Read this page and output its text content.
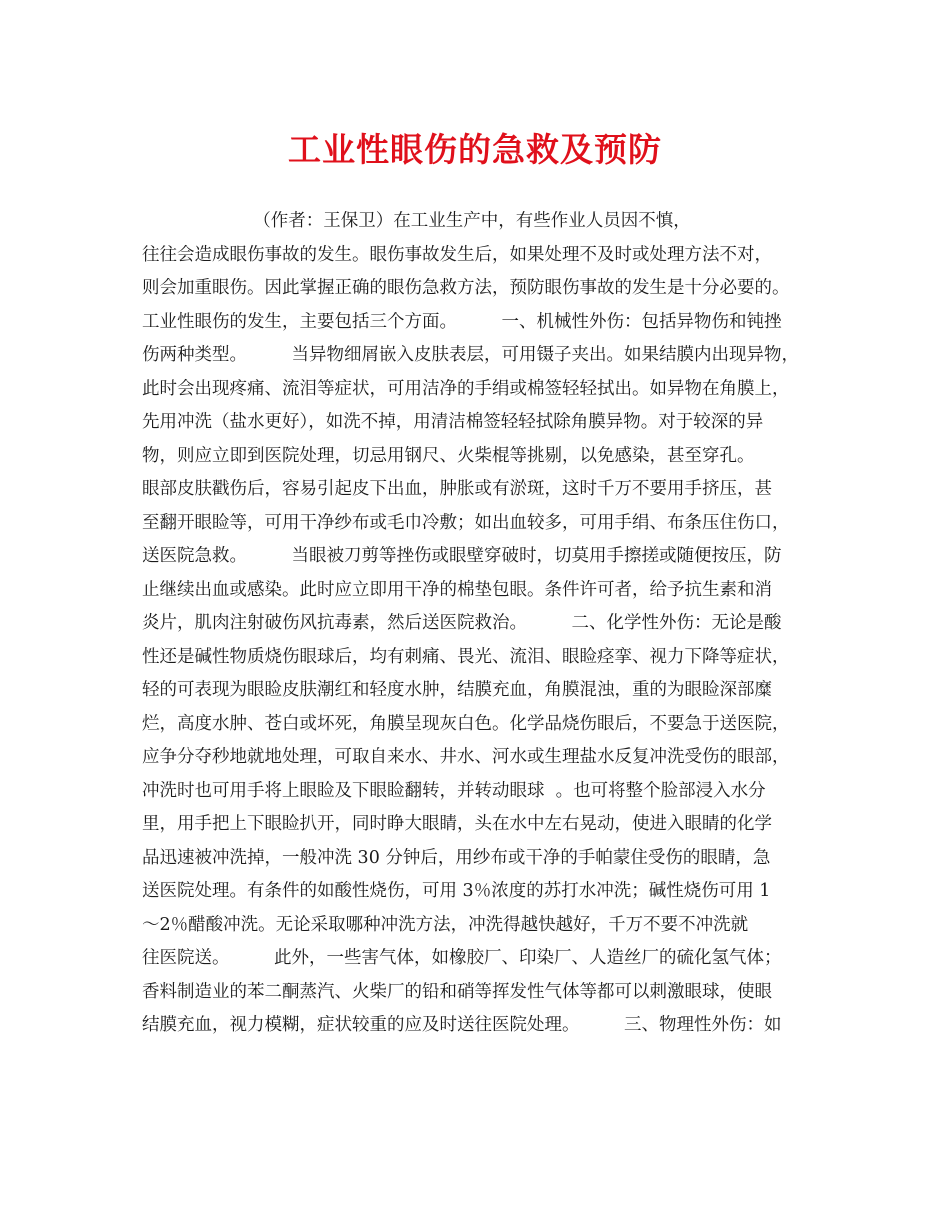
工业性眼伤的急救及预防
（作者：王保卫）在工业生产中，有些作业人员因不慎，
往往会造成眼伤事故的发生。眼伤事故发生后，如果处理不及时或处理方法不对，
则会加重眼伤。因此掌握正确的眼伤急救方法，预防眼伤事故的发生是十分必要的。
工业性眼伤的发生，主要包括三个方面。        一、机械性外伤：包括异物伤和钝挫
伤两种类型。        当异物细屑嵌入皮肤表层，可用镊子夹出。如果结膜内出现异物，
此时会出现疼痛、流泪等症状，可用洁净的手绢或棉签轻轻拭出。如异物在角膜上，
先用冲洗（盐水更好），如洗不掉，用清洁棉签轻轻拭除角膜异物。对于较深的异
物，则应立即到医院处理，切忌用钢尺、火柴棍等挑剔，以免感染，甚至穿孔。
眼部皮肤戳伤后，容易引起皮下出血，肿胀或有淤斑，这时千万不要用手挤压，甚
至翻开眼睑等，可用干净纱布或毛巾冷敷；如出血较多，可用手绢、布条压住伤口，
送医院急救。        当眼被刀剪等挫伤或眼壁穿破时，切莫用手擦搓或随便按压，防
止继续出血或感染。此时应立即用干净的棉垫包眼。条件许可者，给予抗生素和消
炎片，肌肉注射破伤风抗毒素，然后送医院救治。        二、化学性外伤：无论是酸
性还是碱性物质烧伤眼球后，均有刺痛、畏光、流泪、眼睑痉挛、视力下降等症状，
轻的可表现为眼睑皮肤潮红和轻度水肿，结膜充血，角膜混浊，重的为眼睑深部糜
烂，高度水肿、苍白或坏死，角膜呈现灰白色。化学品烧伤眼后，不要急于送医院，
应争分夺秒地就地处理，可取自来水、井水、河水或生理盐水反复冲洗受伤的眼部，
冲洗时也可用手将上眼睑及下眼睑翻转，并转动眼球  。也可将整个脸部浸入水分
里，用手把上下眼睑扒开，同时睁大眼睛，头在水中左右晃动，使进入眼睛的化学
品迅速被冲洗掉，一般冲洗 30 分钟后，用纱布或干净的手帕蒙住受伤的眼睛，急
送医院处理。有条件的如酸性烧伤，可用 3％浓度的苏打水冲洗；碱性烧伤可用 1
～2％醋酸冲洗。无论采取哪种冲洗方法，冲洗得越快越好，千万不要不冲洗就
往医院送。        此外，一些害气体，如橡胶厂、印染厂、人造丝厂的硫化氢气体；
香料制造业的苯二酮蒸汽、火柴厂的铅和硝等挥发性气体等都可以刺激眼球，使眼
结膜充血，视力模糊，症状较重的应及时送往医院处理。        三、物理性外伤：如
